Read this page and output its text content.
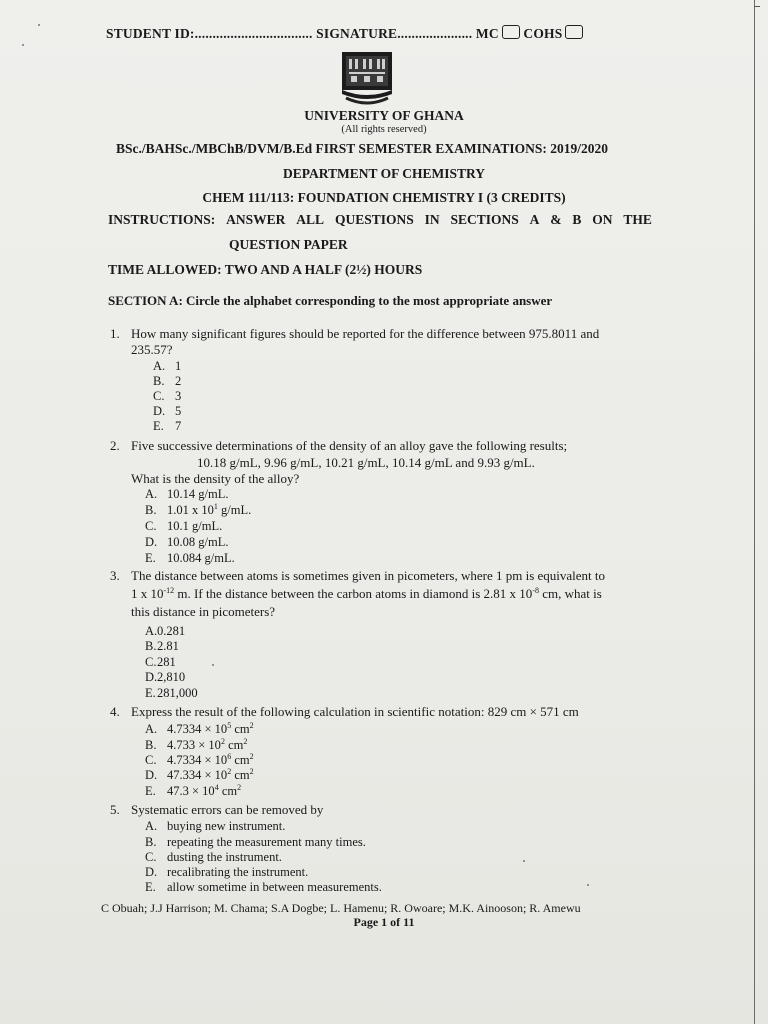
STUDENT ID:................................. SIGNATURE..................... MC COHS
UNIVERSITY OF GHANA
(All rights reserved)
BSc./BAHSc./MBChB/DVM/B.Ed FIRST SEMESTER EXAMINATIONS: 2019/2020
DEPARTMENT OF CHEMISTRY
CHEM 111/113: FOUNDATION CHEMISTRY I (3 CREDITS)
INSTRUCTIONS: ANSWER ALL QUESTIONS IN SECTIONS A & B ON THE
QUESTION PAPER
TIME ALLOWED: TWO AND A HALF (2½) HOURS
SECTION A: Circle the alphabet corresponding to the most appropriate answer
1. How many significant figures should be reported for the difference between 975.8011 and
235.57?
A. 1
B. 2
C. 3
D. 5
E. 7
2. Five successive determinations of the density of an alloy gave the following results;
10.18 g/mL, 9.96 g/mL, 10.21 g/mL, 10.14 g/mL and 9.93 g/mL.
What is the density of the alloy?
A. 10.14 g/mL.
B. 1.01 x $10^1$ g/mL.
C. 10.1 g/mL.
D. 10.08 g/mL.
E. 10.084 g/mL.
3. The distance between atoms is sometimes given in picometers, where 1 pm is equivalent to
1 x $10^{-12}$ m. If the distance between the carbon atoms in diamond is 2.81 x $10^{-8}$ cm, what is
this distance in picometers?
A.0.281
B.2.81
C.281
D.2,810
E.281,000
4. Express the result of the following calculation in scientific notation: 829 cm × 571 cm
A. $4.7334 \times 10^5$ $cm^2$
B. $4.733 \times 10^2$ $cm^2$
C. $4.7334 \times 10^6$ $cm^2$
D. $47.334 \times 10^2$ $cm^2$
E. $47.3 \times 10^4$ $cm^2$
5. Systematic errors can be removed by
A. buying new instrument.
B. repeating the measurement many times.
C. dusting the instrument.
D. recalibrating the instrument.
E. allow sometime in between measurements.
C Obuah; J.J Harrison; M. Chama; S.A Dogbe; L. Hamenu; R. Owoare; M.K. Ainooson; R. Amewu
Page 1 of 11
